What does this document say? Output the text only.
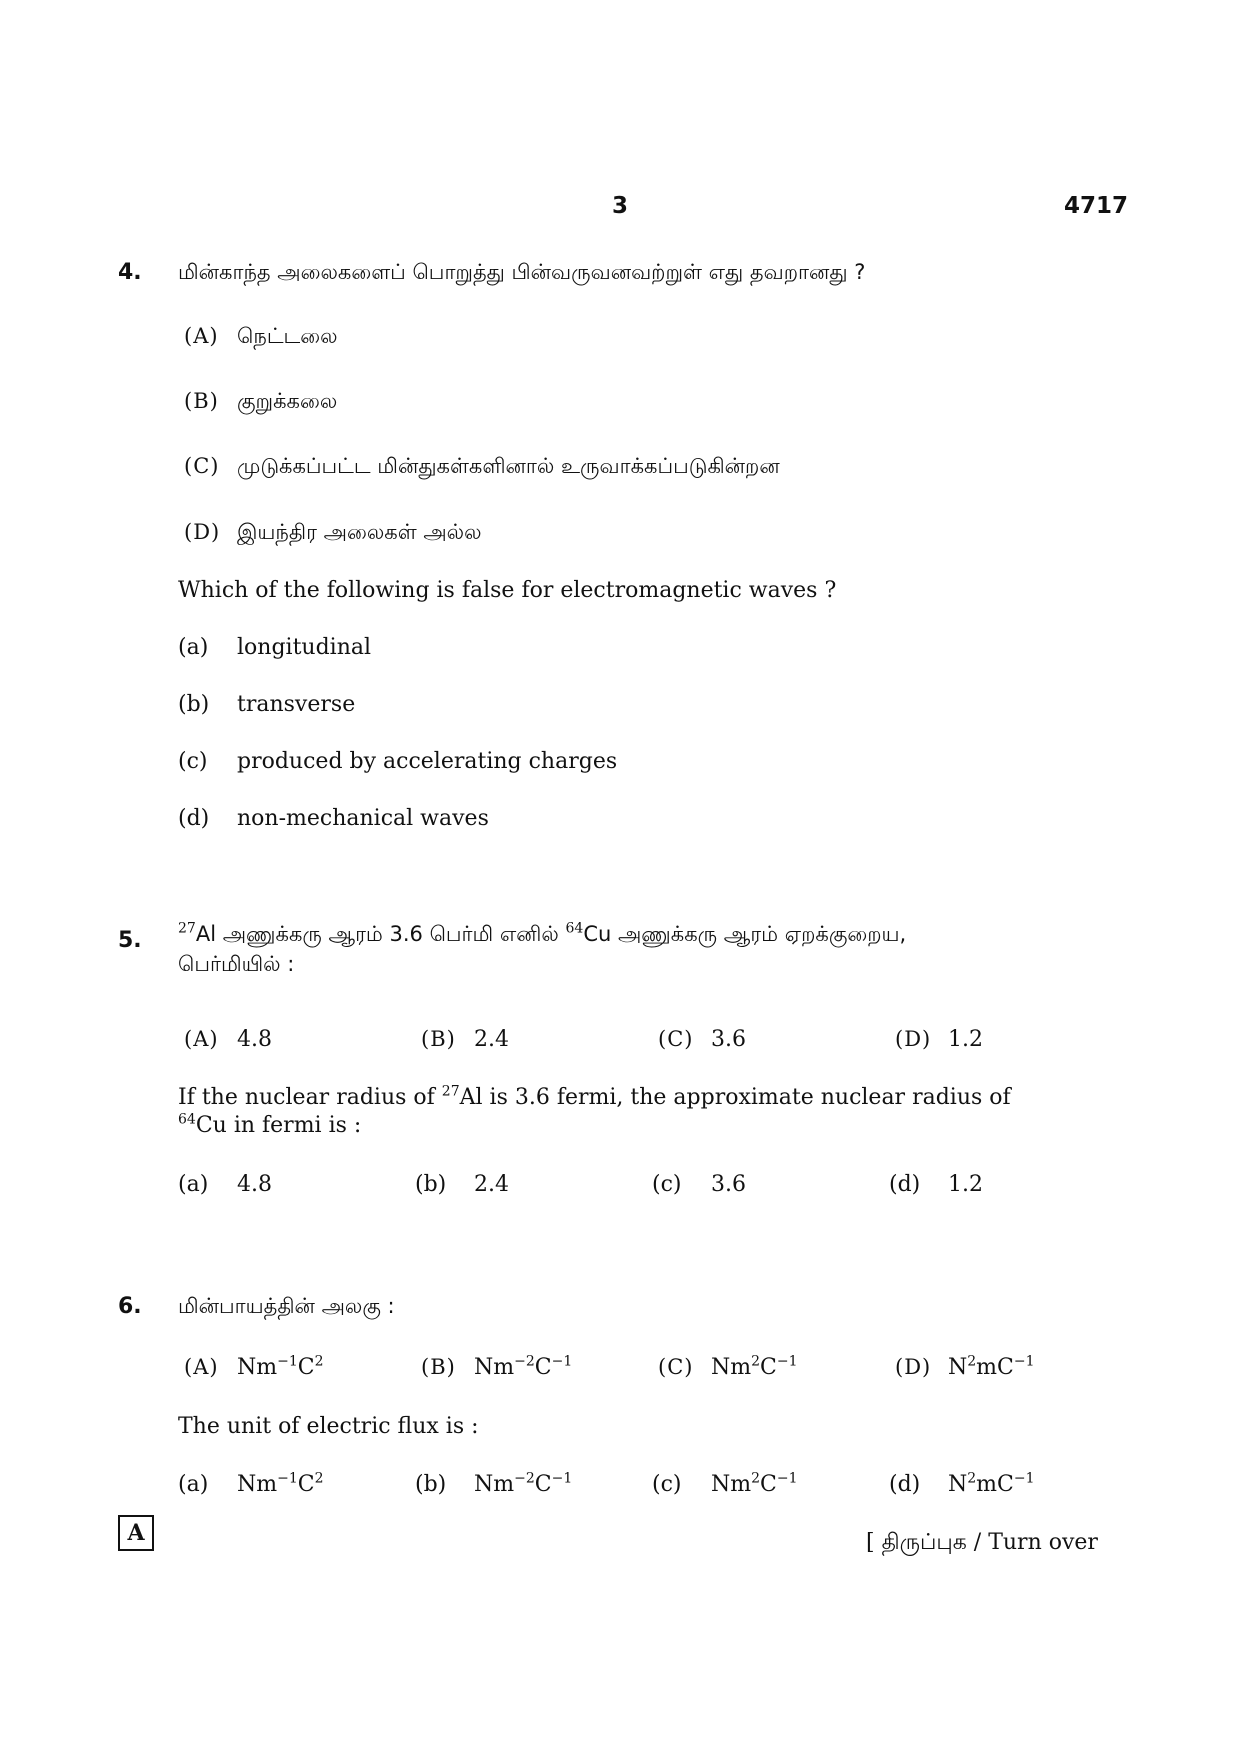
3	4717
4. மின்காந்த அலைகளைப் பொறுத்து பின்வருவனவற்றுள் எது தவறானது ?
(A) நெட்டலை
(B) குறுக்கலை
(C) முடுக்கப்பட்ட மின்துகள்களினால் உருவாக்கப்படுகின்றன
(D) இயந்திர அலைகள் அல்ல
Which of the following is false for electromagnetic waves ?
(a) longitudinal
(b) transverse
(c) produced by accelerating charges
(d) non-mechanical waves
5.	$^{27}$Al அணுக்கரு ஆரம் 3.6 பெர்மி எனில் $^{64}$Cu அணுக்கரு ஆரம் ஏறக்குறைய,
பெர்மியில் :
(A) 4.8	(B) 2.4	(C) 3.6	(D) 1.2
If the nuclear radius of $^{27}$Al is 3.6 fermi, the approximate nuclear radius of
$^{64}$Cu in fermi is :
(a) 4.8	(b) 2.4	(c) 3.6	(d) 1.2
6. மின்பாயத்தின் அலகு :
(A) $Nm^{-1}C^2$	(B) $Nm^{-2}C^{-1}$	(C) $Nm^2C^{-1}$	(D) $N^2mC^{-1}$
The unit of electric flux is :
(a) $Nm^{-1}C^2$	(b) $Nm^{-2}C^{-1}$	(c) $Nm^2C^{-1}$	(d) $N^2mC^{-1}$
A	[ திருப்புக / Turn over
